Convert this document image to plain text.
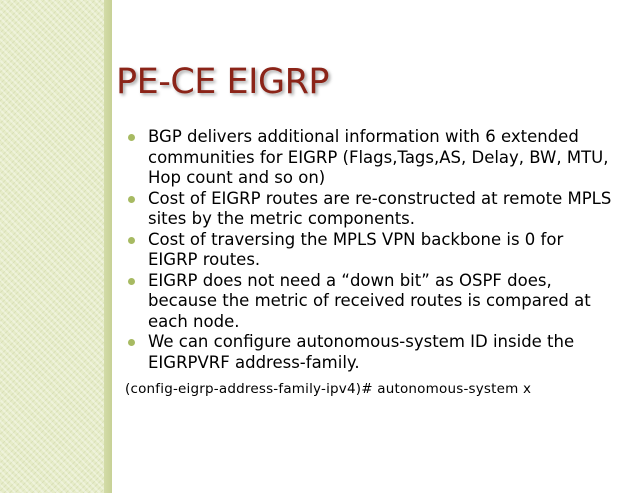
PE-CE EIGRP
BGP delivers additional information with 6 extended communities for EIGRP (Flags,Tags,AS, Delay, BW, MTU, Hop count and so on)
Cost of EIGRP routes are re-constructed at remote MPLS sites by the metric components.
Cost of traversing the MPLS VPN backbone is 0 for EIGRP routes.
EIGRP does not need a “down bit” as OSPF does, because the metric of received routes is compared at each node.
We can configure autonomous-system ID inside the EIGRPVRF address-family.
(config-eigrp-address-family-ipv4)# autonomous-system x
